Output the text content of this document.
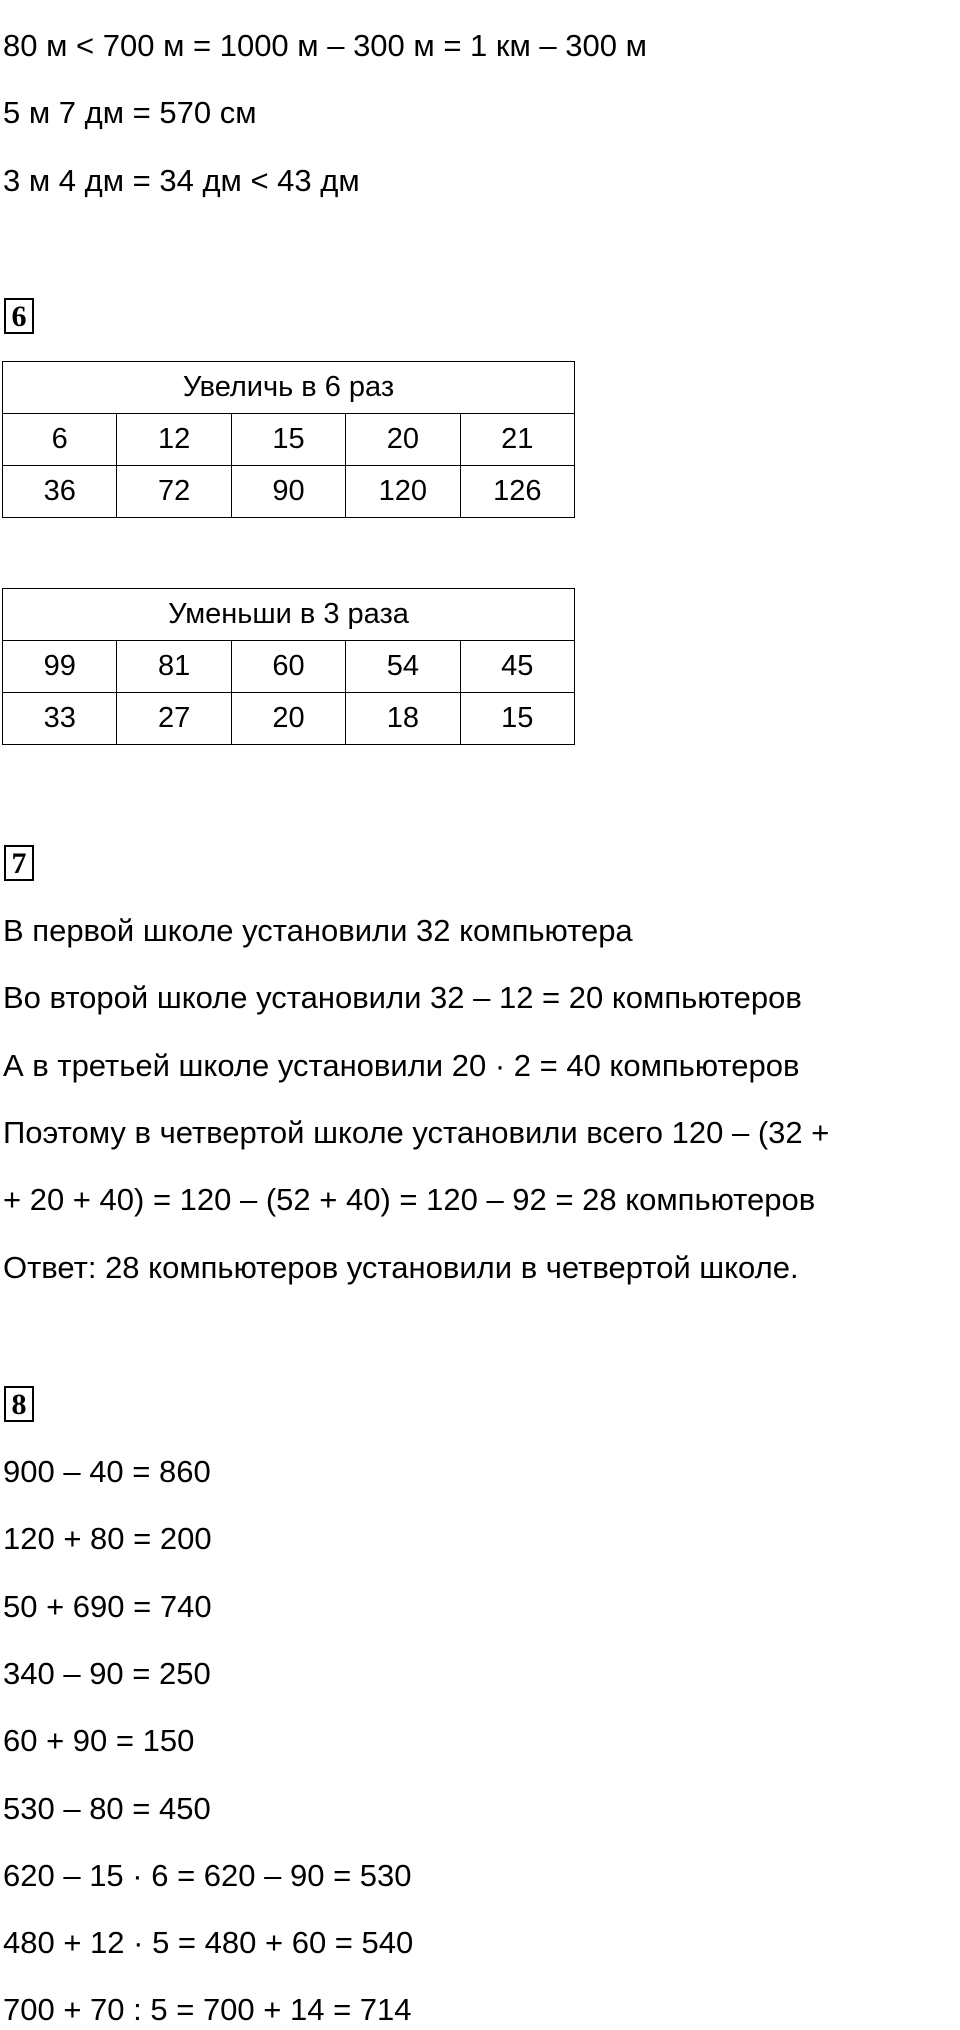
80 м < 700 м = 1000 м – 300 м = 1 км – 300 м
5 м 7 дм = 570 см
3 м 4 дм = 34 дм < 43 дм
6
Увеличь в 6 раз				
6	12	15	20	21
36	72	90	120	126
Уменьши в 3 раза				
99	81	60	54	45
33	27	20	18	15
7
В первой школе установили 32 компьютера
Во второй школе установили 32 – 12 = 20 компьютеров
А в третьей школе установили 20 · 2 = 40 компьютеров
Поэтому в четвертой школе установили всего 120 – (32 +
+ 20 + 40) = 120 – (52 + 40) = 120 – 92 = 28 компьютеров
Ответ: 28 компьютеров установили в четвертой школе.
8
900 – 40 = 860
120 + 80 = 200
50 + 690 = 740
340 – 90 = 250
60 + 90 = 150
530 – 80 = 450
620 – 15 · 6 = 620 – 90 = 530
480 + 12 · 5 = 480 + 60 = 540
700 + 70 : 5 = 700 + 14 = 714
